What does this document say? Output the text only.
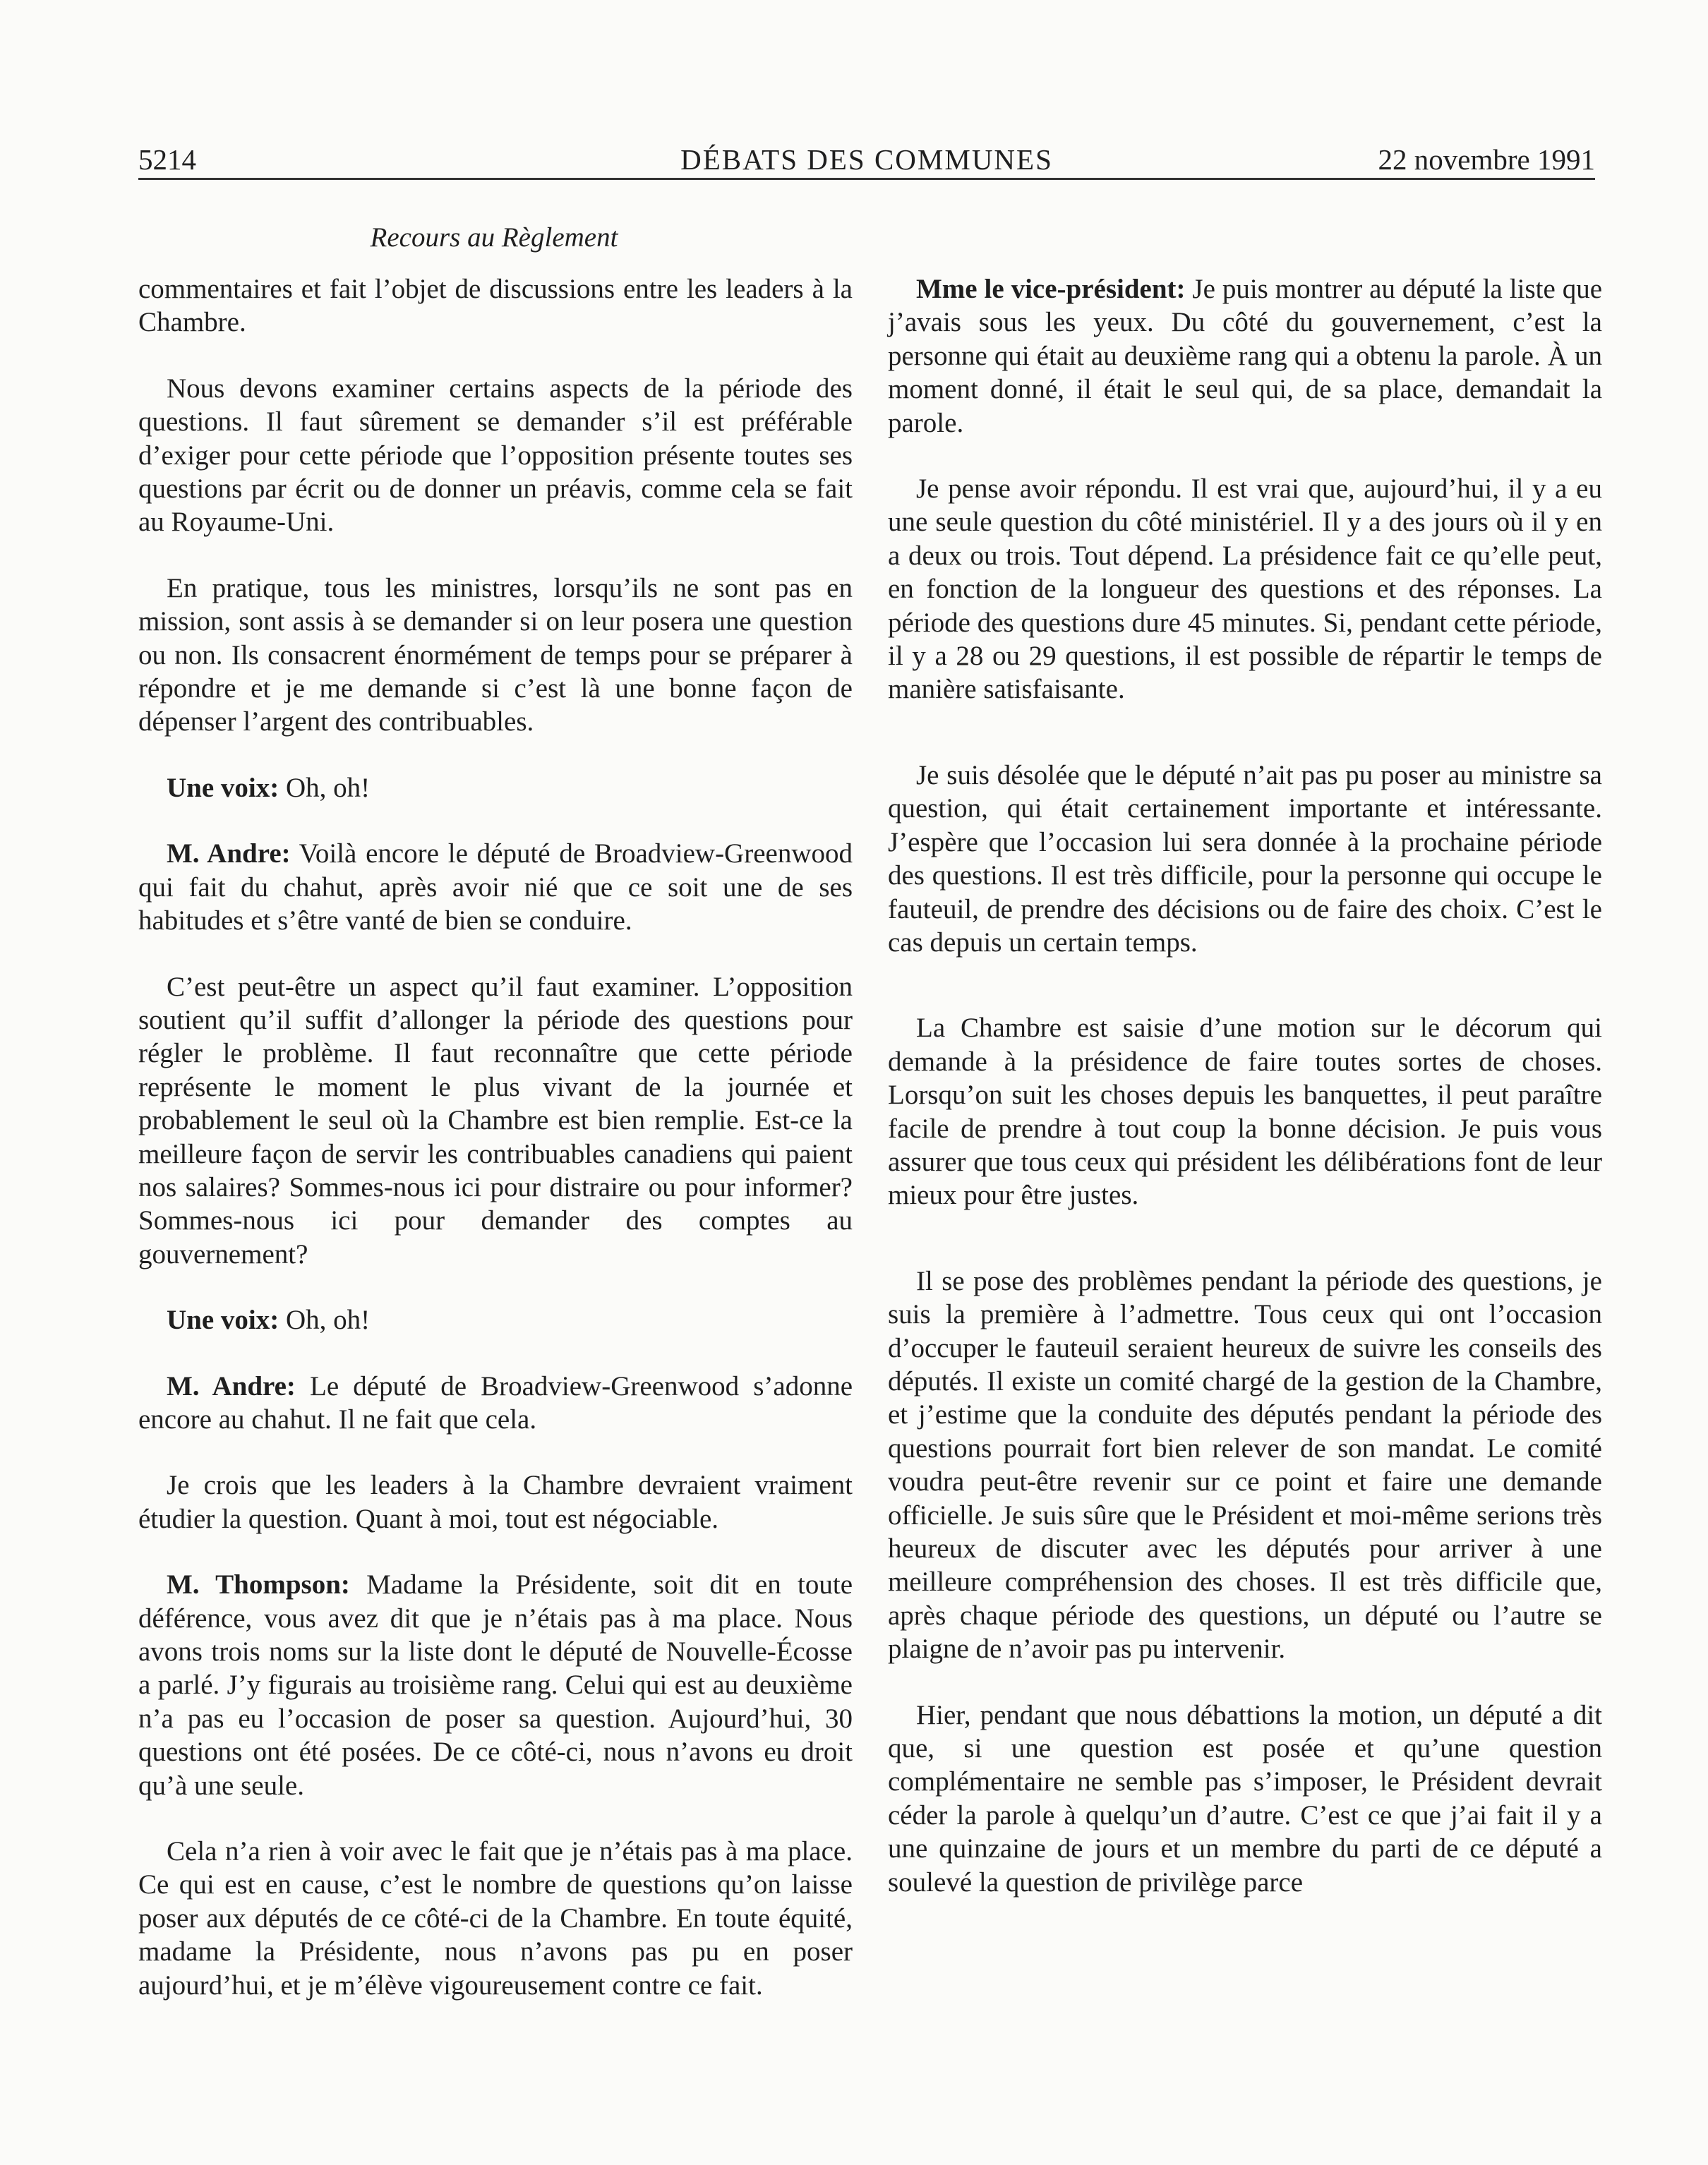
5214	DÉBATS DES COMMUNES	22 novembre 1991
Recours au Règlement

commentaires et fait l’objet de discussions entre les leaders à la Chambre.

Nous devons examiner certains aspects de la période des questions. Il faut sûrement se demander s’il est préférable d’exiger pour cette période que l’opposition présente toutes ses questions par écrit ou de donner un préavis, comme cela se fait au Royaume-Uni.

En pratique, tous les ministres, lorsqu’ils ne sont pas en mission, sont assis à se demander si on leur posera une question ou non. Ils consacrent énormément de temps pour se préparer à répondre et je me demande si c’est là une bonne façon de dépenser l’argent des contribuables.

Une voix: Oh, oh!

M. Andre: Voilà encore le député de Broadview-Greenwood qui fait du chahut, après avoir nié que ce soit une de ses habitudes et s’être vanté de bien se conduire.

C’est peut-être un aspect qu’il faut examiner. L’opposition soutient qu’il suffit d’allonger la période des questions pour régler le problème. Il faut reconnaître que cette période représente le moment le plus vivant de la journée et probablement le seul où la Chambre est bien remplie. Est-ce la meilleure façon de servir les contribuables canadiens qui paient nos salaires? Sommes-nous ici pour distraire ou pour informer? Sommes-nous ici pour demander des comptes au gouvernement?

Une voix: Oh, oh!

M. Andre: Le député de Broadview-Greenwood s’adonne encore au chahut. Il ne fait que cela.

Je crois que les leaders à la Chambre devraient vraiment étudier la question. Quant à moi, tout est négociable.

M. Thompson: Madame la Présidente, soit dit en toute déférence, vous avez dit que je n’étais pas à ma place. Nous avons trois noms sur la liste dont le député de Nouvelle-Écosse a parlé. J’y figurais au troisième rang. Celui qui est au deuxième n’a pas eu l’occasion de poser sa question. Aujourd’hui, 30 questions ont été posées. De ce côté-ci, nous n’avons eu droit qu’à une seule.

Cela n’a rien à voir avec le fait que je n’étais pas à ma place. Ce qui est en cause, c’est le nombre de questions qu’on laisse poser aux députés de ce côté-ci de la Chambre. En toute équité, madame la Présidente, nous n’avons pas pu en poser aujourd’hui, et je m’élève vigoureusement contre ce fait.

Mme le vice-président: Je puis montrer au député la liste que j’avais sous les yeux. Du côté du gouvernement, c’est la personne qui était au deuxième rang qui a obtenu la parole. À un moment donné, il était le seul qui, de sa place, demandait la parole.

Je pense avoir répondu. Il est vrai que, aujourd’hui, il y a eu une seule question du côté ministériel. Il y a des jours où il y en a deux ou trois. Tout dépend. La présidence fait ce qu’elle peut, en fonction de la longueur des questions et des réponses. La période des questions dure 45 minutes. Si, pendant cette période, il y a 28 ou 29 questions, il est possible de répartir le temps de manière satisfaisante.

Je suis désolée que le député n’ait pas pu poser au ministre sa question, qui était certainement importante et intéressante. J’espère que l’occasion lui sera donnée à la prochaine période des questions. Il est très difficile, pour la personne qui occupe le fauteuil, de prendre des décisions ou de faire des choix. C’est le cas depuis un certain temps.

La Chambre est saisie d’une motion sur le décorum qui demande à la présidence de faire toutes sortes de choses. Lorsqu’on suit les choses depuis les banquettes, il peut paraître facile de prendre à tout coup la bonne décision. Je puis vous assurer que tous ceux qui président les délibérations font de leur mieux pour être justes.

Il se pose des problèmes pendant la période des questions, je suis la première à l’admettre. Tous ceux qui ont l’occasion d’occuper le fauteuil seraient heureux de suivre les conseils des députés. Il existe un comité chargé de la gestion de la Chambre, et j’estime que la conduite des députés pendant la période des questions pourrait fort bien relever de son mandat. Le comité voudra peut-être revenir sur ce point et faire une demande officielle. Je suis sûre que le Président et moi-même serions très heureux de discuter avec les députés pour arriver à une meilleure compréhension des choses. Il est très difficile que, après chaque période des questions, un député ou l’autre se plaigne de n’avoir pas pu intervenir.

Hier, pendant que nous débattions la motion, un député a dit que, si une question est posée et qu’une question complémentaire ne semble pas s’imposer, le Président devrait céder la parole à quelqu’un d’autre. C’est ce que j’ai fait il y a une quinzaine de jours et un membre du parti de ce député a soulevé la question de privilège parce
